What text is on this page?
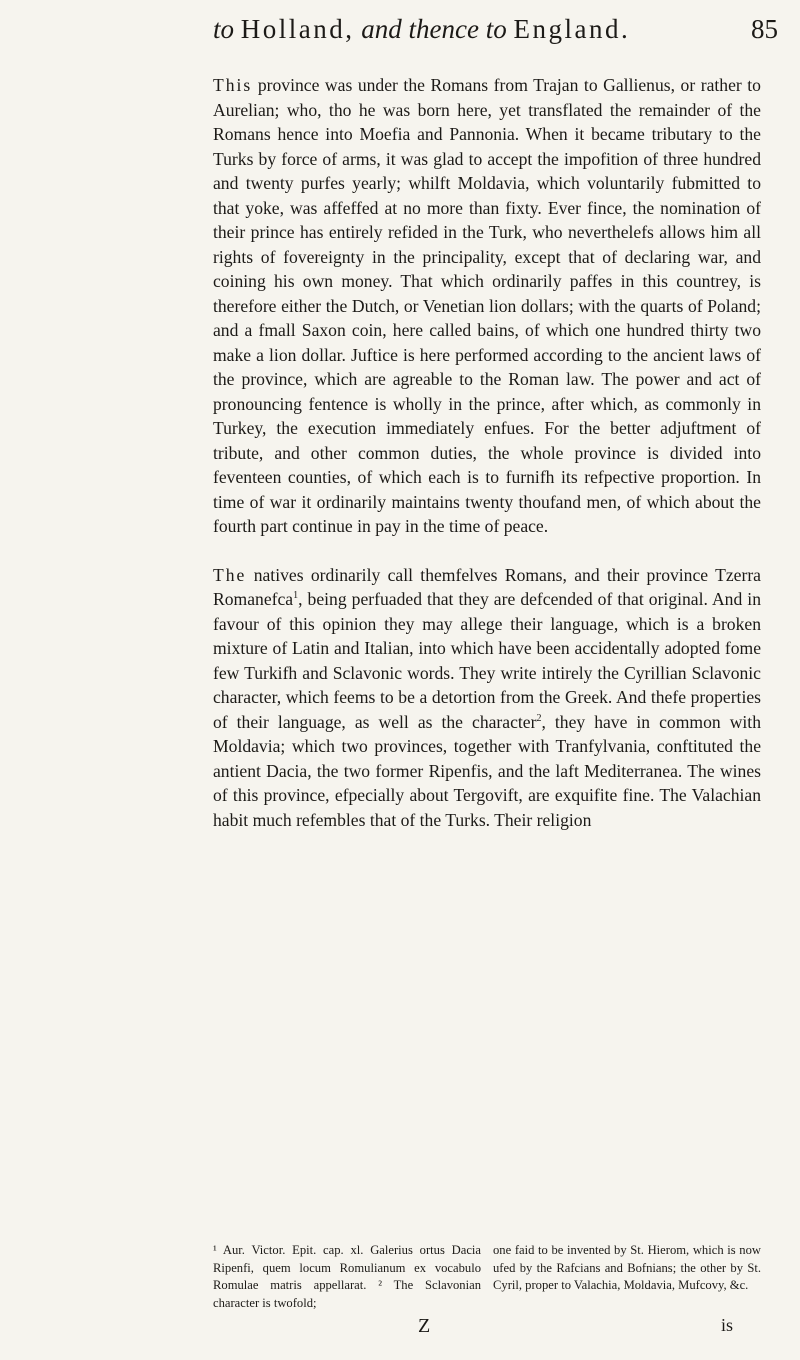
to Holland, and thence to England.	85

This province was under the Romans from Trajan to Gallienus, or rather to Aurelian; who, tho he was born here, yet transflated the remainder of the Romans hence into Moefia and Pannonia. When it became tributary to the Turks by force of arms, it was glad to accept the impofition of three hundred and twenty purfes yearly; whilft Moldavia, which voluntarily fubmitted to that yoke, was affeffed at no more than fixty. Ever fince, the nomination of their prince has entirely refided in the Turk, who neverthelefs allows him all rights of fovereignty in the principality, except that of declaring war, and coining his own money. That which ordinarily paffes in this countrey, is therefore either the Dutch, or Venetian lion dollars; with the quarts of Poland; and a fmall Saxon coin, here called bains, of which one hundred thirty two make a lion dollar. Juftice is here performed according to the ancient laws of the province, which are agreable to the Roman law. The power and act of pronouncing fentence is wholly in the prince, after which, as commonly in Turkey, the execution immediately enfues. For the better adjuftment of tribute, and other common duties, the whole province is divided into feventeen counties, of which each is to furnifh its refpective proportion. In time of war it ordinarily maintains twenty thoufand men, of which about the fourth part continue in pay in the time of peace.

The natives ordinarily call themfelves Romans, and their province Tzerra Romanefca$^1$, being perfuaded that they are defcended of that original. And in favour of this opinion they may allege their language, which is a broken mixture of Latin and Italian, into which have been accidentally adopted fome few Turkifh and Sclavonic words. They write intirely the Cyrillian Sclavonic character, which feems to be a detortion from the Greek. And thefe properties of their language, as well as the character$^2$, they have in common with Moldavia; which two provinces, together with Tranfylvania, conftituted the antient Dacia, the two former Ripenfis, and the laft Mediterranea. The wines of this province, efpecially about Tergovift, are exquifite fine. The Valachian habit much refembles that of the Turks. Their religion

¹ Aur. Victor. Epit. cap. xl. Galerius ortus Dacia Ripenfi, quem locum Romulianum ex vocabulo Romulae matris appellarat. ² The Sclavonian character is twofold;
one faid to be invented by St. Hierom, which is now ufed by the Rafcians and Bofnians; the other by St. Cyril, proper to Valachia, Moldavia, Mufcovy, &c.
Z	is
